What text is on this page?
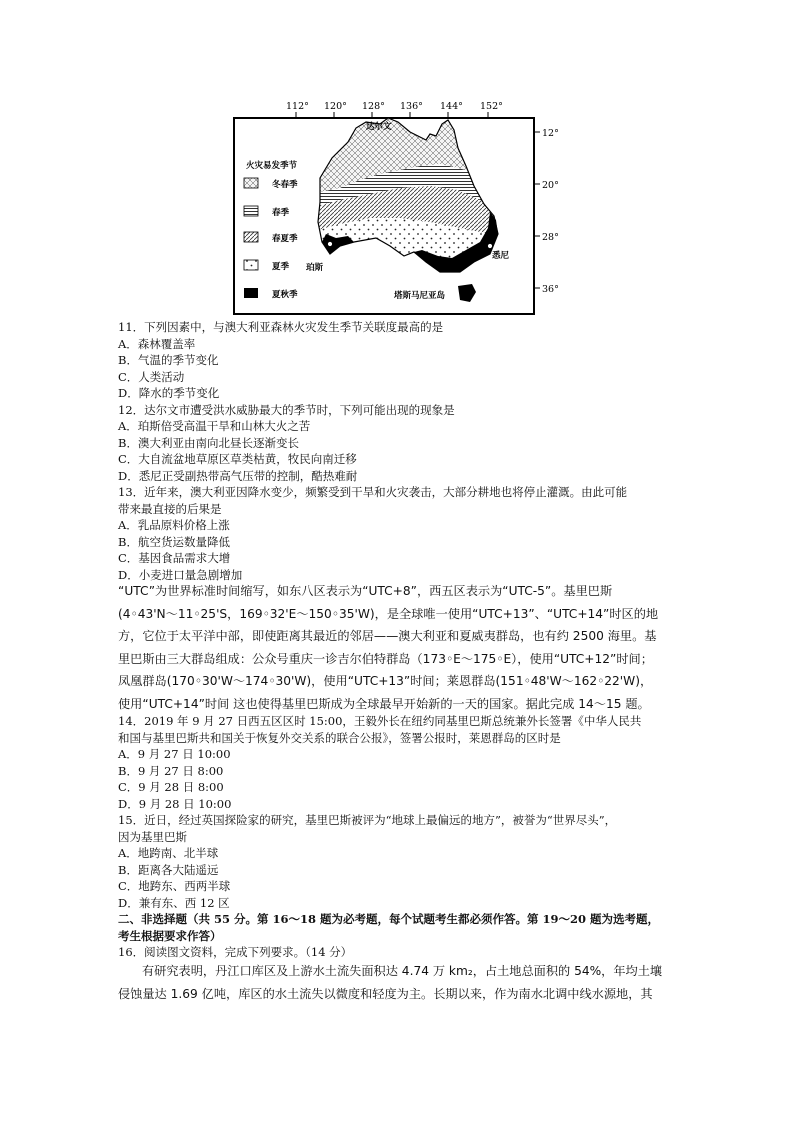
112° 120° 128° 136° 144° 152°
12°
20°
28°
36°
达尔文
珀斯
悉尼
塔斯马尼亚岛
火灾易发季节
冬春季
春季
春夏季
夏季
夏秋季
11．下列因素中，与澳大利亚森林火灾发生季节关联度最高的是
A．森林覆盖率
B．气温的季节变化
C．人类活动
D．降水的季节变化
12．达尔文市遭受洪水威胁最大的季节时，下列可能出现的现象是
A．珀斯倍受高温干旱和山林大火之苦
B．澳大利亚由南向北昼长逐渐变长
C．大自流盆地草原区草类枯黄，牧民向南迁移
D．悉尼正受副热带高气压带的控制，酷热难耐
13．近年来，澳大利亚因降水变少，频繁受到干旱和火灾袭击，大部分耕地也将停止灌溉。由此可能
带来最直接的后果是
A．乳品原料价格上涨
B．航空货运数量降低
C．基因食品需求大增
D．小麦进口量急剧增加
“UTC”为世界标准时间缩写，如东八区表示为“UTC+8”，西五区表示为“UTC-5”。基里巴斯
(4◦43'N～11◦25'S，169◦32'E～150◦35'W)，是全球唯一使用“UTC+13”、“UTC+14”时区的地
方，它位于太平洋中部，即使距离其最近的邻居——澳大利亚和夏威夷群岛，也有约 2500 海里。基
里巴斯由三大群岛组成：公众号重庆一诊吉尔伯特群岛（173◦E～175◦E），使用“UTC+12”时间；
凤凰群岛(170◦30'W～174◦30'W)，使用“UTC+13”时间；莱恩群岛(151◦48'W～162◦22'W)，
使用“UTC+14”时间 这也使得基里巴斯成为全球最早开始新的一天的国家。据此完成 14～15 题。
14．2019 年 9 月 27 日西五区区时 15:00，王毅外长在纽约同基里巴斯总统兼外长签署《中华人民共
和国与基里巴斯共和国关于恢复外交关系的联合公报》，签署公报时，莱恩群岛的区时是
A．9 月 27 日 10:00
B．9 月 27 日 8:00
C．9 月 28 日 8:00
D．9 月 28 日 10:00
15．近日，经过英国探险家的研究，基里巴斯被评为“地球上最偏远的地方”，被誉为“世界尽头”，
因为基里巴斯
A．地跨南、北半球
B．距离各大陆遥远
C．地跨东、西两半球
D．兼有东、西 12 区
二、非选择题（共 55 分。第 16～18 题为必考题，每个试题考生都必须作答。第 19～20 题为选考题，
考生根据要求作答）
16．阅读图文资料，完成下列要求。（14 分）
有研究表明，丹江口库区及上游水土流失面积达 4.74 万 km₂，占土地总面积的 54%，年均土壤
侵蚀量达 1.69 亿吨，库区的水土流失以微度和轻度为主。长期以来，作为南水北调中线水源地，其
